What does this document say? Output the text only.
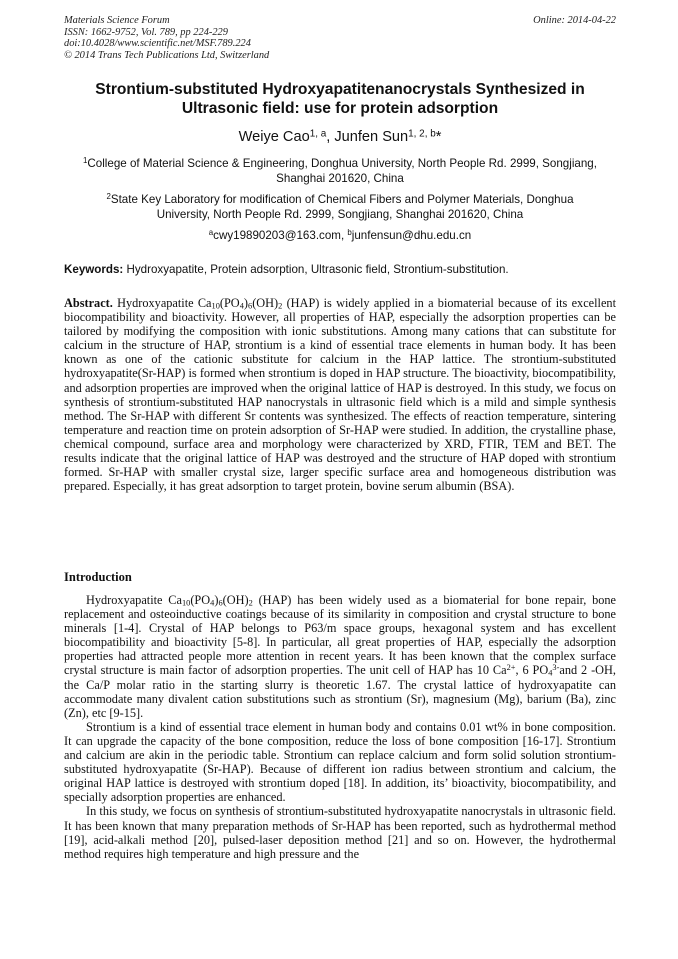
Materials Science Forum
ISSN: 1662-9752, Vol. 789, pp 224-229
doi:10.4028/www.scientific.net/MSF.789.224
© 2014 Trans Tech Publications Ltd, Switzerland
Online: 2014-04-22
Strontium-substituted Hydroxyapatitenanocrystals Synthesized in Ultrasonic field: use for protein adsorption
Weiye Cao$^{1, a}$, Junfen Sun$^{1, 2, b}$*
$^1$College of Material Science & Engineering, Donghua University, North People Rd. 2999, Songjiang, Shanghai 201620, China
$^2$State Key Laboratory for modification of Chemical Fibers and Polymer Materials, Donghua University, North People Rd. 2999, Songjiang, Shanghai 201620, China
$^a$cwy19890203@163.com, $^b$junfensun@dhu.edu.cn
Keywords: Hydroxyapatite, Protein adsorption, Ultrasonic field, Strontium-substitution.

Abstract. Hydroxyapatite $Ca_{10}(PO_4)_6(OH)_2$ (HAP) is widely applied in a biomaterial because of its excellent biocompatibility and bioactivity. However, all properties of HAP, especially the adsorption properties can be tailored by modifying the composition with ionic substitutions. Among many cations that can substitute for calcium in the structure of HAP, strontium is a kind of essential trace elements in human body. It has been known as one of the cationic substitute for calcium in the HAP lattice. The strontium-substituted hydroxyapatite(Sr-HAP) is formed when strontium is doped in HAP structure. The bioactivity, biocompatibility, and adsorption properties are improved when the original lattice of HAP is destroyed. In this study, we focus on synthesis of strontium-substituted HAP nanocrystals in ultrasonic field which is a mild and simple synthesis method. The Sr-HAP with different Sr contents was synthesized. The effects of reaction temperature, sintering temperature and reaction time on protein adsorption of Sr-HAP were studied. In addition, the crystalline phase, chemical compound, surface area and morphology were characterized by XRD, FTIR, TEM and BET. The results indicate that the original lattice of HAP was destroyed and the structure of HAP doped with strontium formed. Sr-HAP with smaller crystal size, larger specific surface area and homogeneous distribution was prepared. Especially, it has great adsorption to target protein, bovine serum albumin (BSA).

Introduction

Hydroxyapatite $Ca_{10}(PO_4)_6(OH)_2$ (HAP) has been widely used as a biomaterial for bone repair, bone replacement and osteoinductive coatings because of its similarity in composition and crystal structure to bone minerals [1-4]. Crystal of HAP belongs to P63/m space groups, hexagonal system and has excellent biocompatibility and bioactivity [5-8]. In particular, all great properties of HAP, especially the adsorption properties had attracted people more attention in recent years. It has been known that the complex surface crystal structure is main factor of adsorption properties. The unit cell of HAP has 10 $Ca^{2+}$, 6 $PO_4^{3-}and$ 2 -OH, the Ca/P molar ratio in the starting slurry is theoretic 1.67. The crystal lattice of hydroxyapatite can accommodate many divalent cation substitutions such as strontium (Sr), magnesium (Mg), barium (Ba), zinc (Zn), etc [9-15].

Strontium is a kind of essential trace element in human body and contains 0.01 wt% in bone composition. It can upgrade the capacity of the bone composition, reduce the loss of bone composition [16-17]. Strontium and calcium are akin in the periodic table. Strontium can replace calcium and form solid solution strontium-substituted hydroxyapatite (Sr-HAP). Because of different ion radius between strontium and calcium, the original HAP lattice is destroyed with strontium doped [18]. In addition, its’ bioactivity, biocompatibility, and specially adsorption properties are enhanced.

In this study, we focus on synthesis of strontium-substituted hydroxyapatite nanocrystals in ultrasonic field. It has been known that many preparation methods of Sr-HAP has been reported, such as hydrothermal method [19], acid-alkali method [20], pulsed-laser deposition method [21] and so on. However, the hydrothermal method requires high temperature and high pressure and the
